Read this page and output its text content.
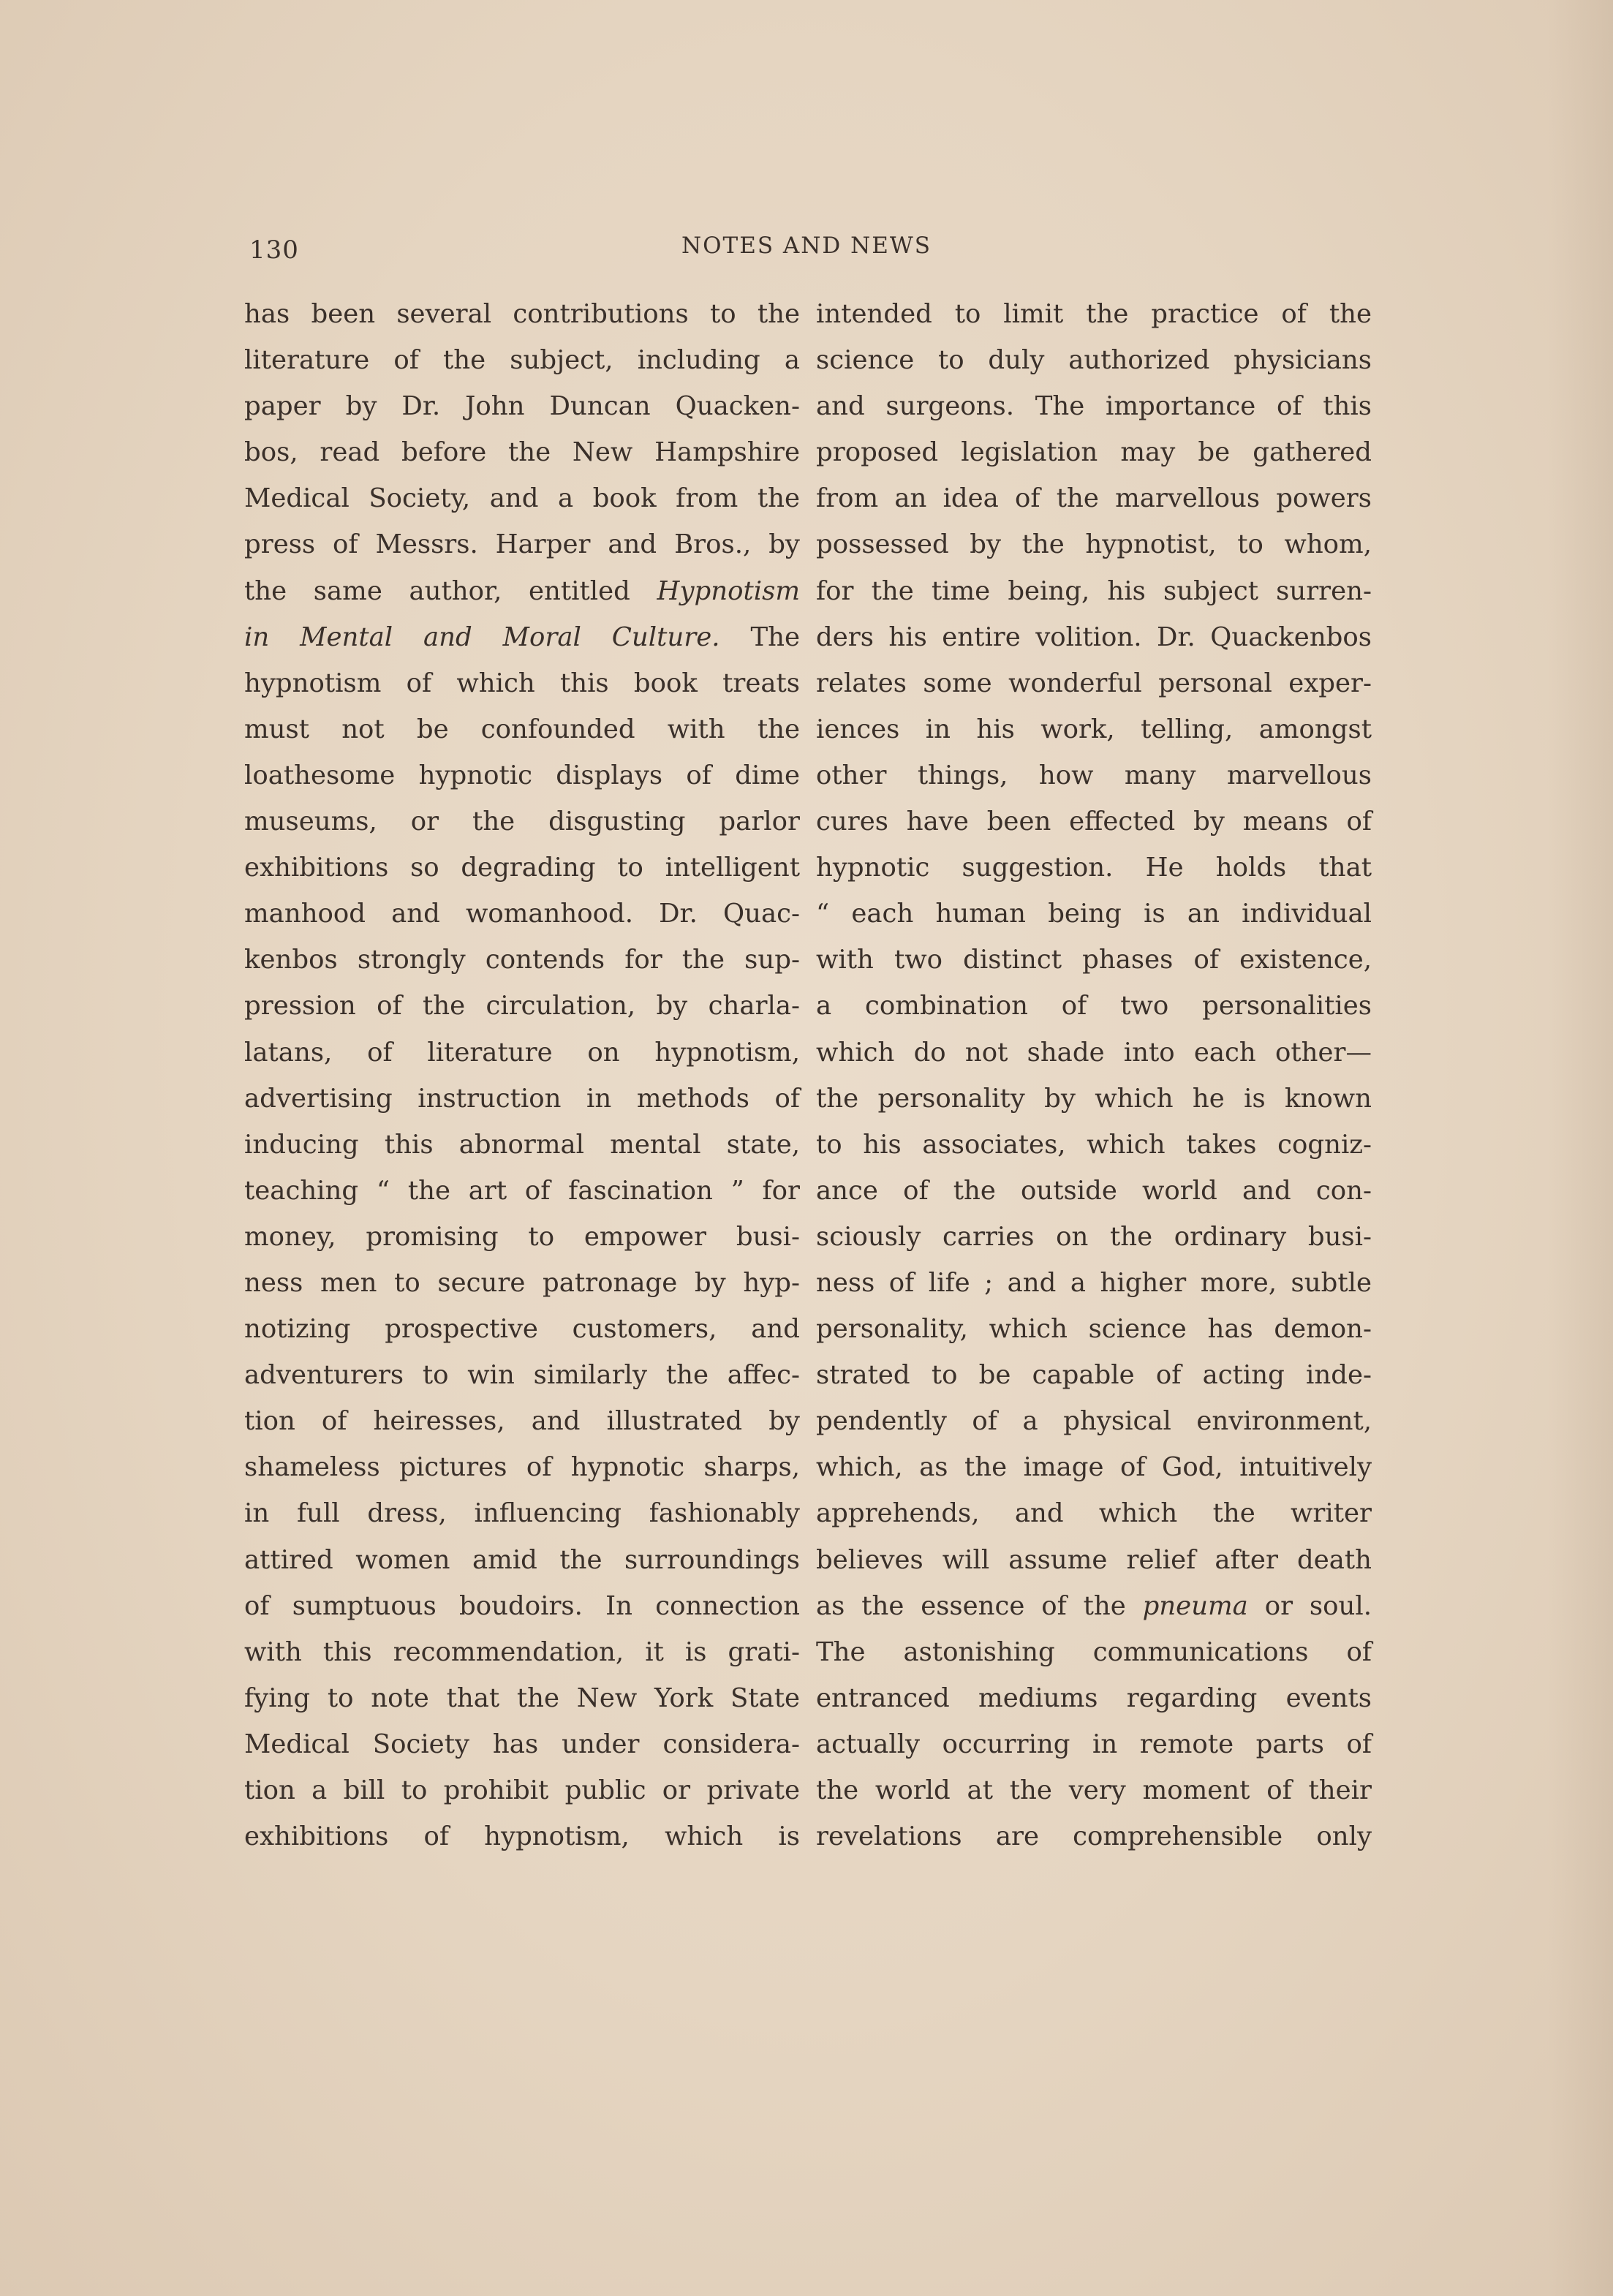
130	NOTES AND NEWS
has been several contributions to the
literature of the subject, including a
paper by Dr. John Duncan Quacken-
bos, read before the New Hampshire
Medical Society, and a book from the
press of Messrs. Harper and Bros., by
the same author, entitled Hypnotism
in Mental and Moral Culture. The
hypnotism of which this book treats
must not be confounded with the
loathesome hypnotic displays of dime
museums, or the disgusting parlor
exhibitions so degrading to intelligent
manhood and womanhood. Dr. Quac-
kenbos strongly contends for the sup-
pression of the circulation, by charla-
latans, of literature on hypnotism,
advertising instruction in methods of
inducing this abnormal mental state,
teaching “ the art of fascination ” for
money, promising to empower busi-
ness men to secure patronage by hyp-
notizing prospective customers, and
adventurers to win similarly the affec-
tion of heiresses, and illustrated by
shameless pictures of hypnotic sharps,
in full dress, influencing fashionably
attired women amid the surroundings
of sumptuous boudoirs. In connection
with this recommendation, it is grati-
fying to note that the New York State
Medical Society has under considera-
tion a bill to prohibit public or private
exhibitions of hypnotism, which is
intended to limit the practice of the
science to duly authorized physicians
and surgeons. The importance of this
proposed legislation may be gathered
from an idea of the marvellous powers
possessed by the hypnotist, to whom,
for the time being, his subject surren-
ders his entire volition. Dr. Quackenbos
relates some wonderful personal exper-
iences in his work, telling, amongst
other things, how many marvellous
cures have been effected by means of
hypnotic suggestion. He holds that
“ each human being is an individual
with two distinct phases of existence,
a combination of two personalities
which do not shade into each other—
the personality by which he is known
to his associates, which takes cogniz-
ance of the outside world and con-
sciously carries on the ordinary busi-
ness of life ; and a higher more, subtle
personality, which science has demon-
strated to be capable of acting inde-
pendently of a physical environment,
which, as the image of God, intuitively
apprehends, and which the writer
believes will assume relief after death
as the essence of the pneuma or soul.
The astonishing communications of
entranced mediums regarding events
actually occurring in remote parts of
the world at the very moment of their
revelations are comprehensible only
